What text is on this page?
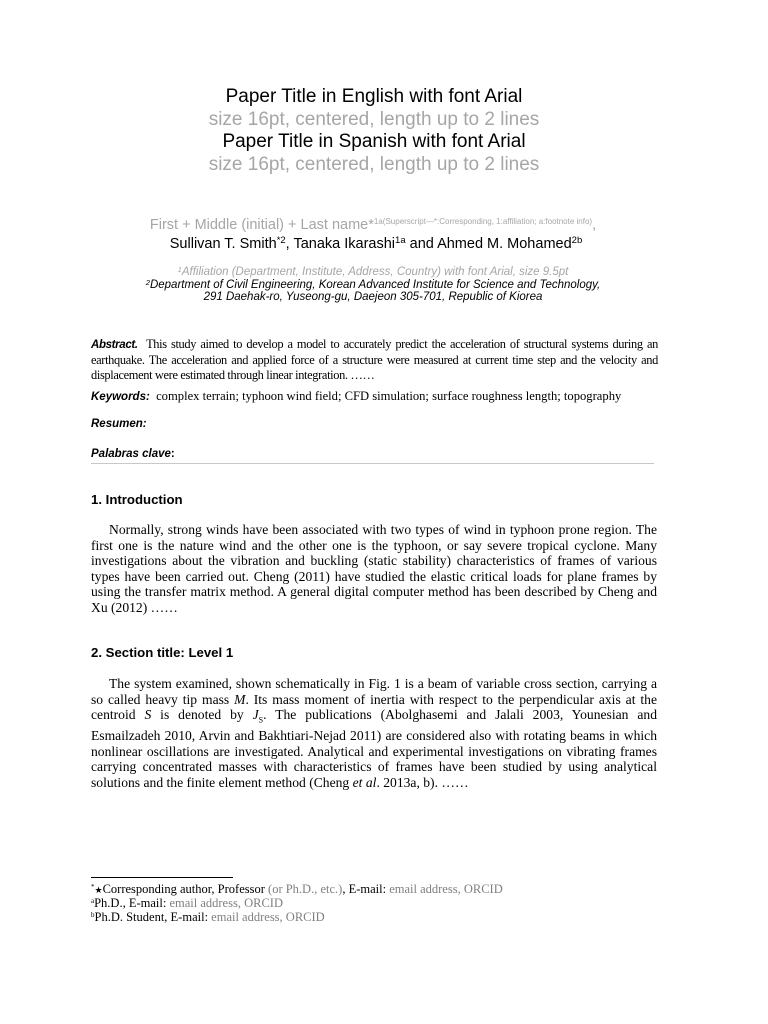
Paper Title in English with font Arial
size 16pt, centered, length up to 2 lines
Paper Title in Spanish with font Arial
size 16pt, centered, length up to 2 lines
First + Middle (initial) + Last name*$^{1a(Superscript—*:Corresponding, 1:affiliation; a:footnote info)}$,
Sullivan T. Smith$^{*2}$, Tanaka Ikarashi$^{1a}$ and Ahmed M. Mohamed$^{2b}$
$^1$Affiliation (Department, Institute, Address, Country) with font Arial, size 9.5pt
$^2$Department of Civil Engineering, Korean Advanced Institute for Science and Technology,
291 Daehak-ro, Yuseong-gu, Daejeon 305-701, Republic of Kiorea
Abstract. This study aimed to develop a model to accurately predict the acceleration of structural systems during an earthquake. The acceleration and applied force of a structure were measured at current time step and the velocity and displacement were estimated through linear integration. ……
Keywords: complex terrain; typhoon wind field; CFD simulation; surface roughness length; topography
Resumen:
Palabras clave:
1. Introduction
Normally, strong winds have been associated with two types of wind in typhoon prone region. The first one is the nature wind and the other one is the typhoon, or say severe tropical cyclone. Many investigations about the vibration and buckling (static stability) characteristics of frames of various types have been carried out. Cheng (2011) have studied the elastic critical loads for plane frames by using the transfer matrix method. A general digital computer method has been described by Cheng and Xu (2012) ……
2. Section title: Level 1
The system examined, shown schematically in Fig. 1 is a beam of variable cross section, carrying a so called heavy tip mass M. Its mass moment of inertia with respect to the perpendicular axis at the centroid S is denoted by $J_S$. The publications (Abolghasemi and Jalali 2003, Younesian and Esmailzadeh 2010, Arvin and Bakhtiari-Nejad 2011) are considered also with rotating beams in which nonlinear oscillations are investigated. Analytical and experimental investigations on vibrating frames carrying concentrated masses with characteristics of frames have been studied by using analytical solutions and the finite element method (Cheng et al. 2013a, b). ……
*★Corresponding author, Professor (or Ph.D., etc.), E-mail: email address, ORCID
$^a$Ph.D., E-mail: email address, ORCID
$^b$Ph.D. Student, E-mail: email address, ORCID
